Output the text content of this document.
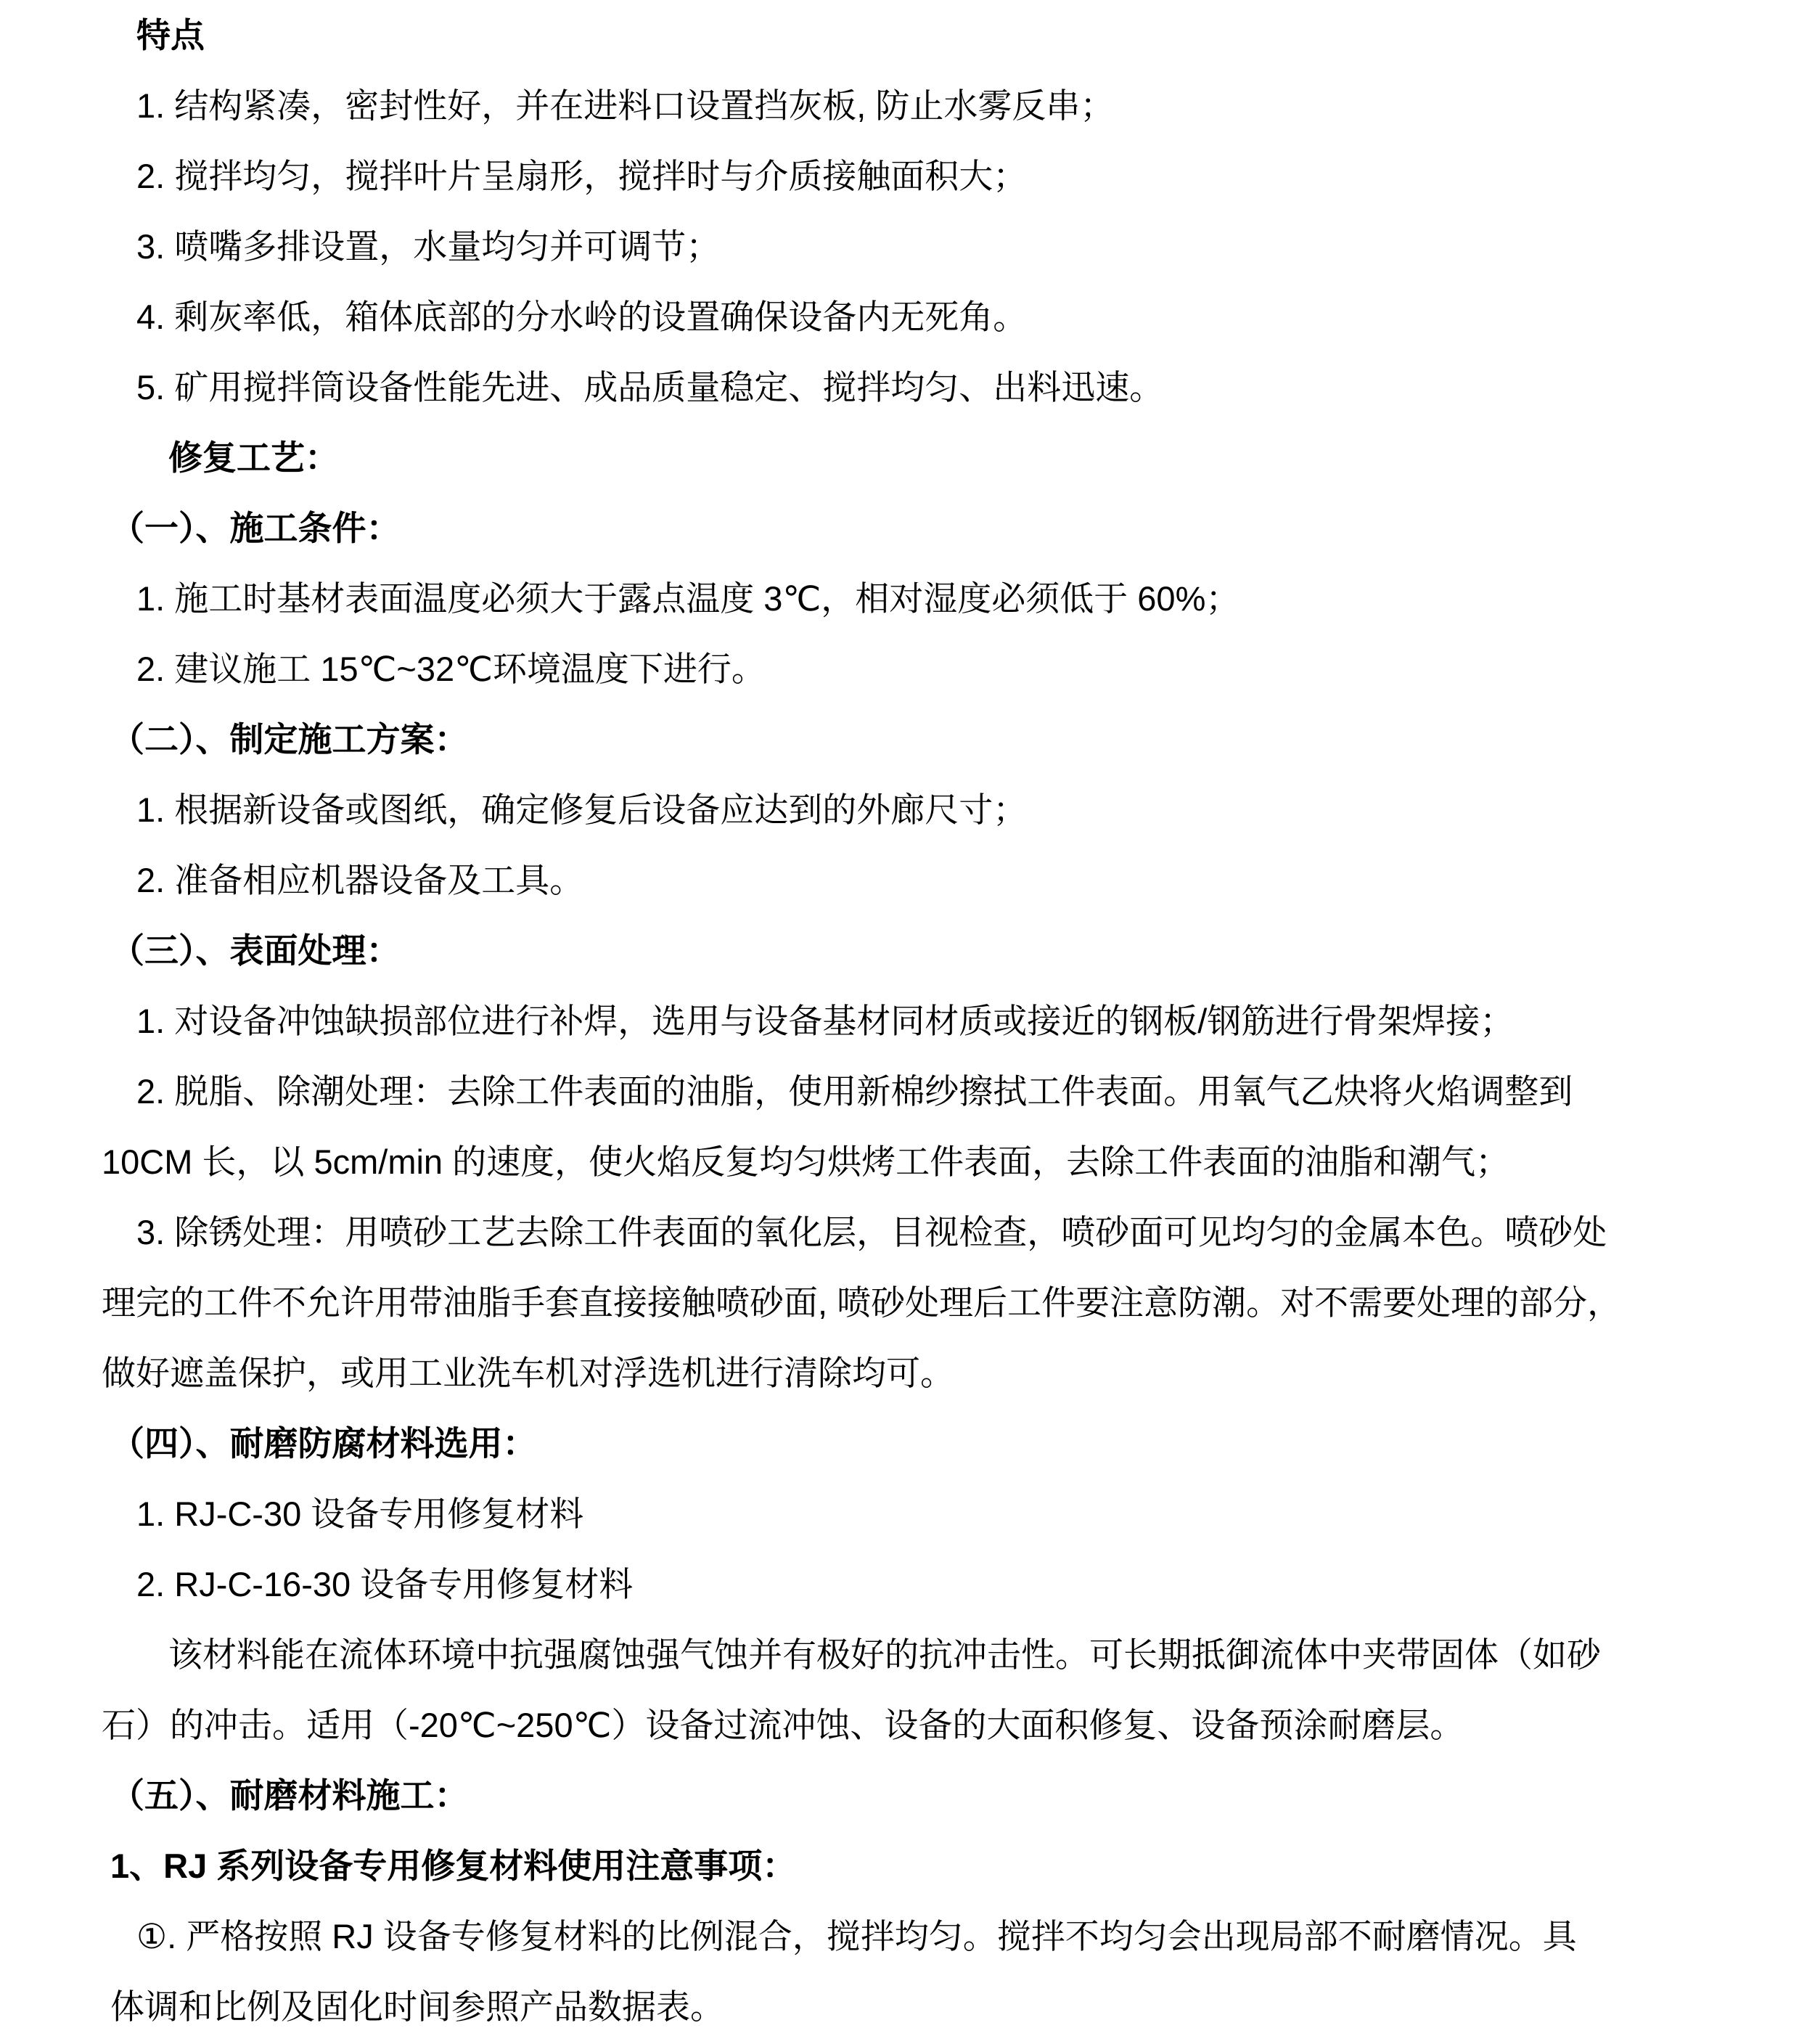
特点
1. 结构紧凑，密封性好，并在进料口设置挡灰板, 防止水雾反串；
2. 搅拌均匀，搅拌叶片呈扇形，搅拌时与介质接触面积大；
3. 喷嘴多排设置，水量均匀并可调节；
4. 剩灰率低，箱体底部的分水岭的设置确保设备内无死角。
5. 矿用搅拌筒设备性能先进、成品质量稳定、搅拌均匀、出料迅速。
修复工艺：
（一）、施工条件：
1. 施工时基材表面温度必须大于露点温度 3℃，相对湿度必须低于 60%；
2. 建议施工 15℃~32℃环境温度下进行。
（二）、制定施工方案：
1. 根据新设备或图纸，确定修复后设备应达到的外廊尺寸；
2. 准备相应机器设备及工具。
（三）、表面处理：
1. 对设备冲蚀缺损部位进行补焊，选用与设备基材同材质或接近的钢板/钢筋进行骨架焊接；
2. 脱脂、除潮处理：去除工件表面的油脂，使用新棉纱擦拭工件表面。用氧气乙炔将火焰调整到
10CM 长，以 5cm/min 的速度，使火焰反复均匀烘烤工件表面，去除工件表面的油脂和潮气；
3. 除锈处理：用喷砂工艺去除工件表面的氧化层，目视检查，喷砂面可见均匀的金属本色。喷砂处
理完的工件不允许用带油脂手套直接接触喷砂面, 喷砂处理后工件要注意防潮。对不需要处理的部分，
做好遮盖保护，或用工业洗车机对浮选机进行清除均可。
（四）、耐磨防腐材料选用：
1. RJ-C-30 设备专用修复材料
2. RJ-C-16-30 设备专用修复材料
该材料能在流体环境中抗强腐蚀强气蚀并有极好的抗冲击性。可长期抵御流体中夹带固体（如砂
石）的冲击。适用（-20℃~250℃）设备过流冲蚀、设备的大面积修复、设备预涂耐磨层。
（五）、耐磨材料施工：
1、RJ 系列设备专用修复材料使用注意事项：
①. 严格按照 RJ 设备专修复材料的比例混合，搅拌均匀。搅拌不均匀会出现局部不耐磨情况。具
体调和比例及固化时间参照产品数据表。
